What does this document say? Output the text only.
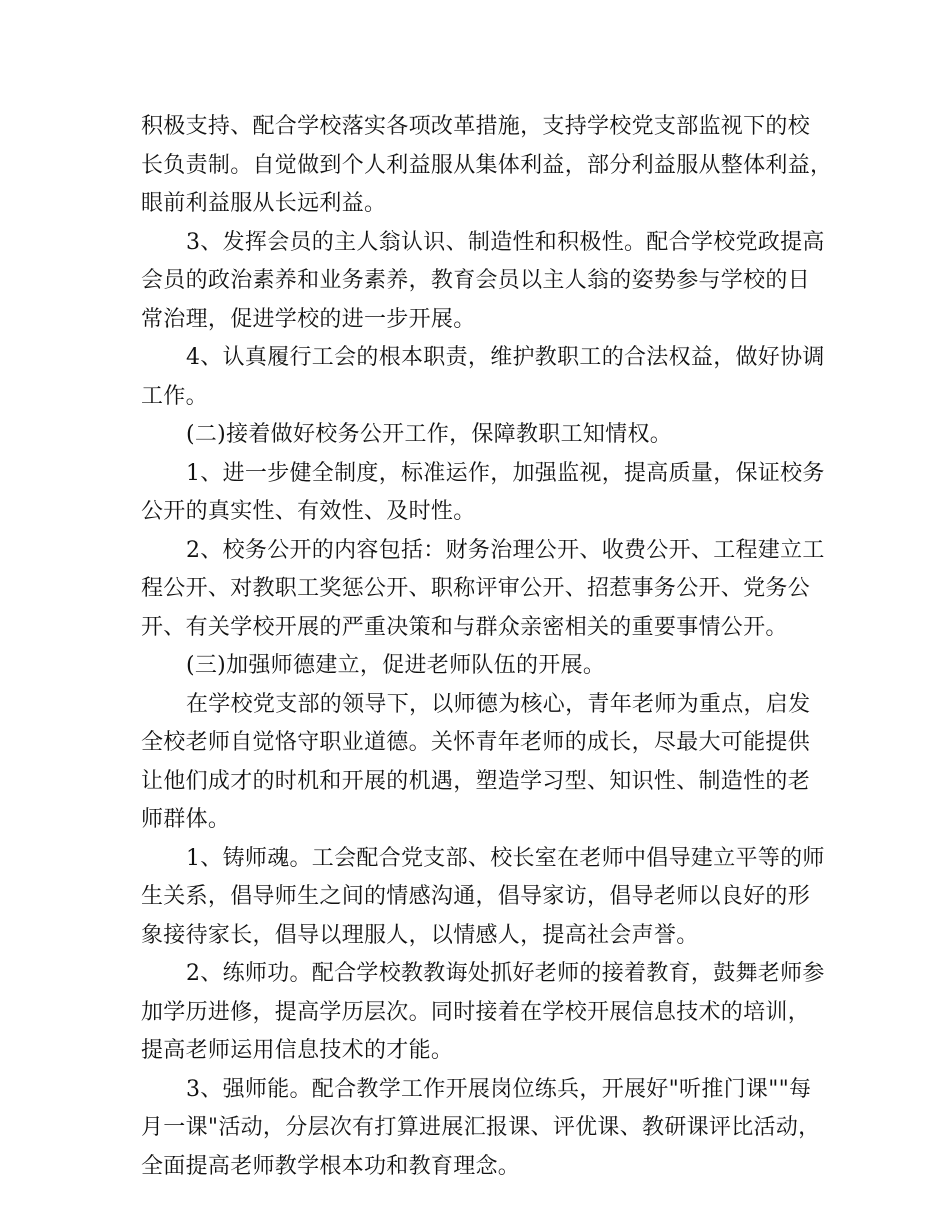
积极支持、配合学校落实各项改革措施，支持学校党支部监视下的校
长负责制。自觉做到个人利益服从集体利益，部分利益服从整体利益，
眼前利益服从长远利益。
3、发挥会员的主人翁认识、制造性和积极性。配合学校党政提高
会员的政治素养和业务素养，教育会员以主人翁的姿势参与学校的日
常治理，促进学校的进一步开展。
4、认真履行工会的根本职责，维护教职工的合法权益，做好协调
工作。
(二)接着做好校务公开工作，保障教职工知情权。
1、进一步健全制度，标准运作，加强监视，提高质量，保证校务
公开的真实性、有效性、及时性。
2、校务公开的内容包括：财务治理公开、收费公开、工程建立工
程公开、对教职工奖惩公开、职称评审公开、招惹事务公开、党务公
开、有关学校开展的严重决策和与群众亲密相关的重要事情公开。
(三)加强师德建立，促进老师队伍的开展。
在学校党支部的领导下，以师德为核心，青年老师为重点，启发
全校老师自觉恪守职业道德。关怀青年老师的成长，尽最大可能提供
让他们成才的时机和开展的机遇，塑造学习型、知识性、制造性的老
师群体。
1、铸师魂。工会配合党支部、校长室在老师中倡导建立平等的师
生关系，倡导师生之间的情感沟通，倡导家访，倡导老师以良好的形
象接待家长，倡导以理服人，以情感人，提高社会声誉。
2、练师功。配合学校教教诲处抓好老师的接着教育，鼓舞老师参
加学历进修，提高学历层次。同时接着在学校开展信息技术的培训，
提高老师运用信息技术的才能。
3、强师能。配合教学工作开展岗位练兵，开展好"听推门课""每
月一课"活动，分层次有打算进展汇报课、评优课、教研课评比活动，
全面提高老师教学根本功和教育理念。
